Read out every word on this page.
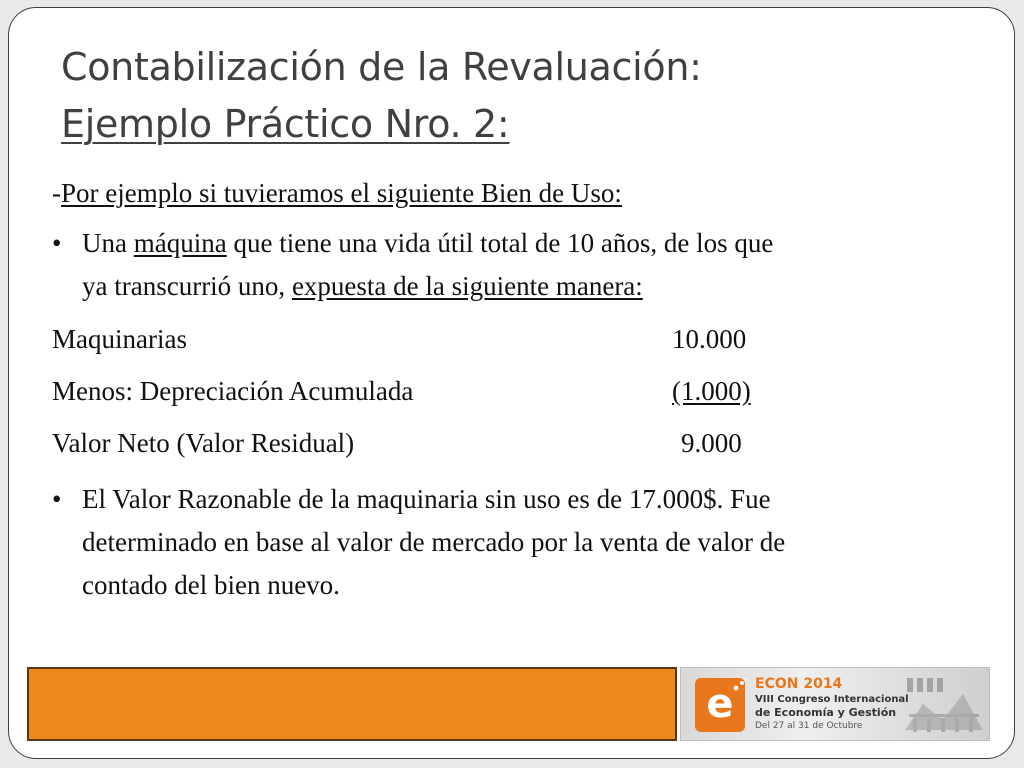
Contabilización de la Revaluación:
Ejemplo Práctico Nro. 2:
-Por ejemplo si tuvieramos el siguiente Bien de Uso:
• Una máquina que tiene una vida útil total de 10 años, de los que
ya transcurrió uno, expuesta de la siguiente manera:
Maquinarias	10.000
Menos: Depreciación Acumulada	(1.000)
Valor Neto (Valor Residual)	9.000
• El Valor Razonable de la maquinaria sin uso es de 17.000$. Fue
determinado en base al valor de mercado por la venta de valor de
contado del bien nuevo.
e	ECON 2014
VIII Congreso Internacional
de Economía y Gestión
Del 27 al 31 de Octubre
